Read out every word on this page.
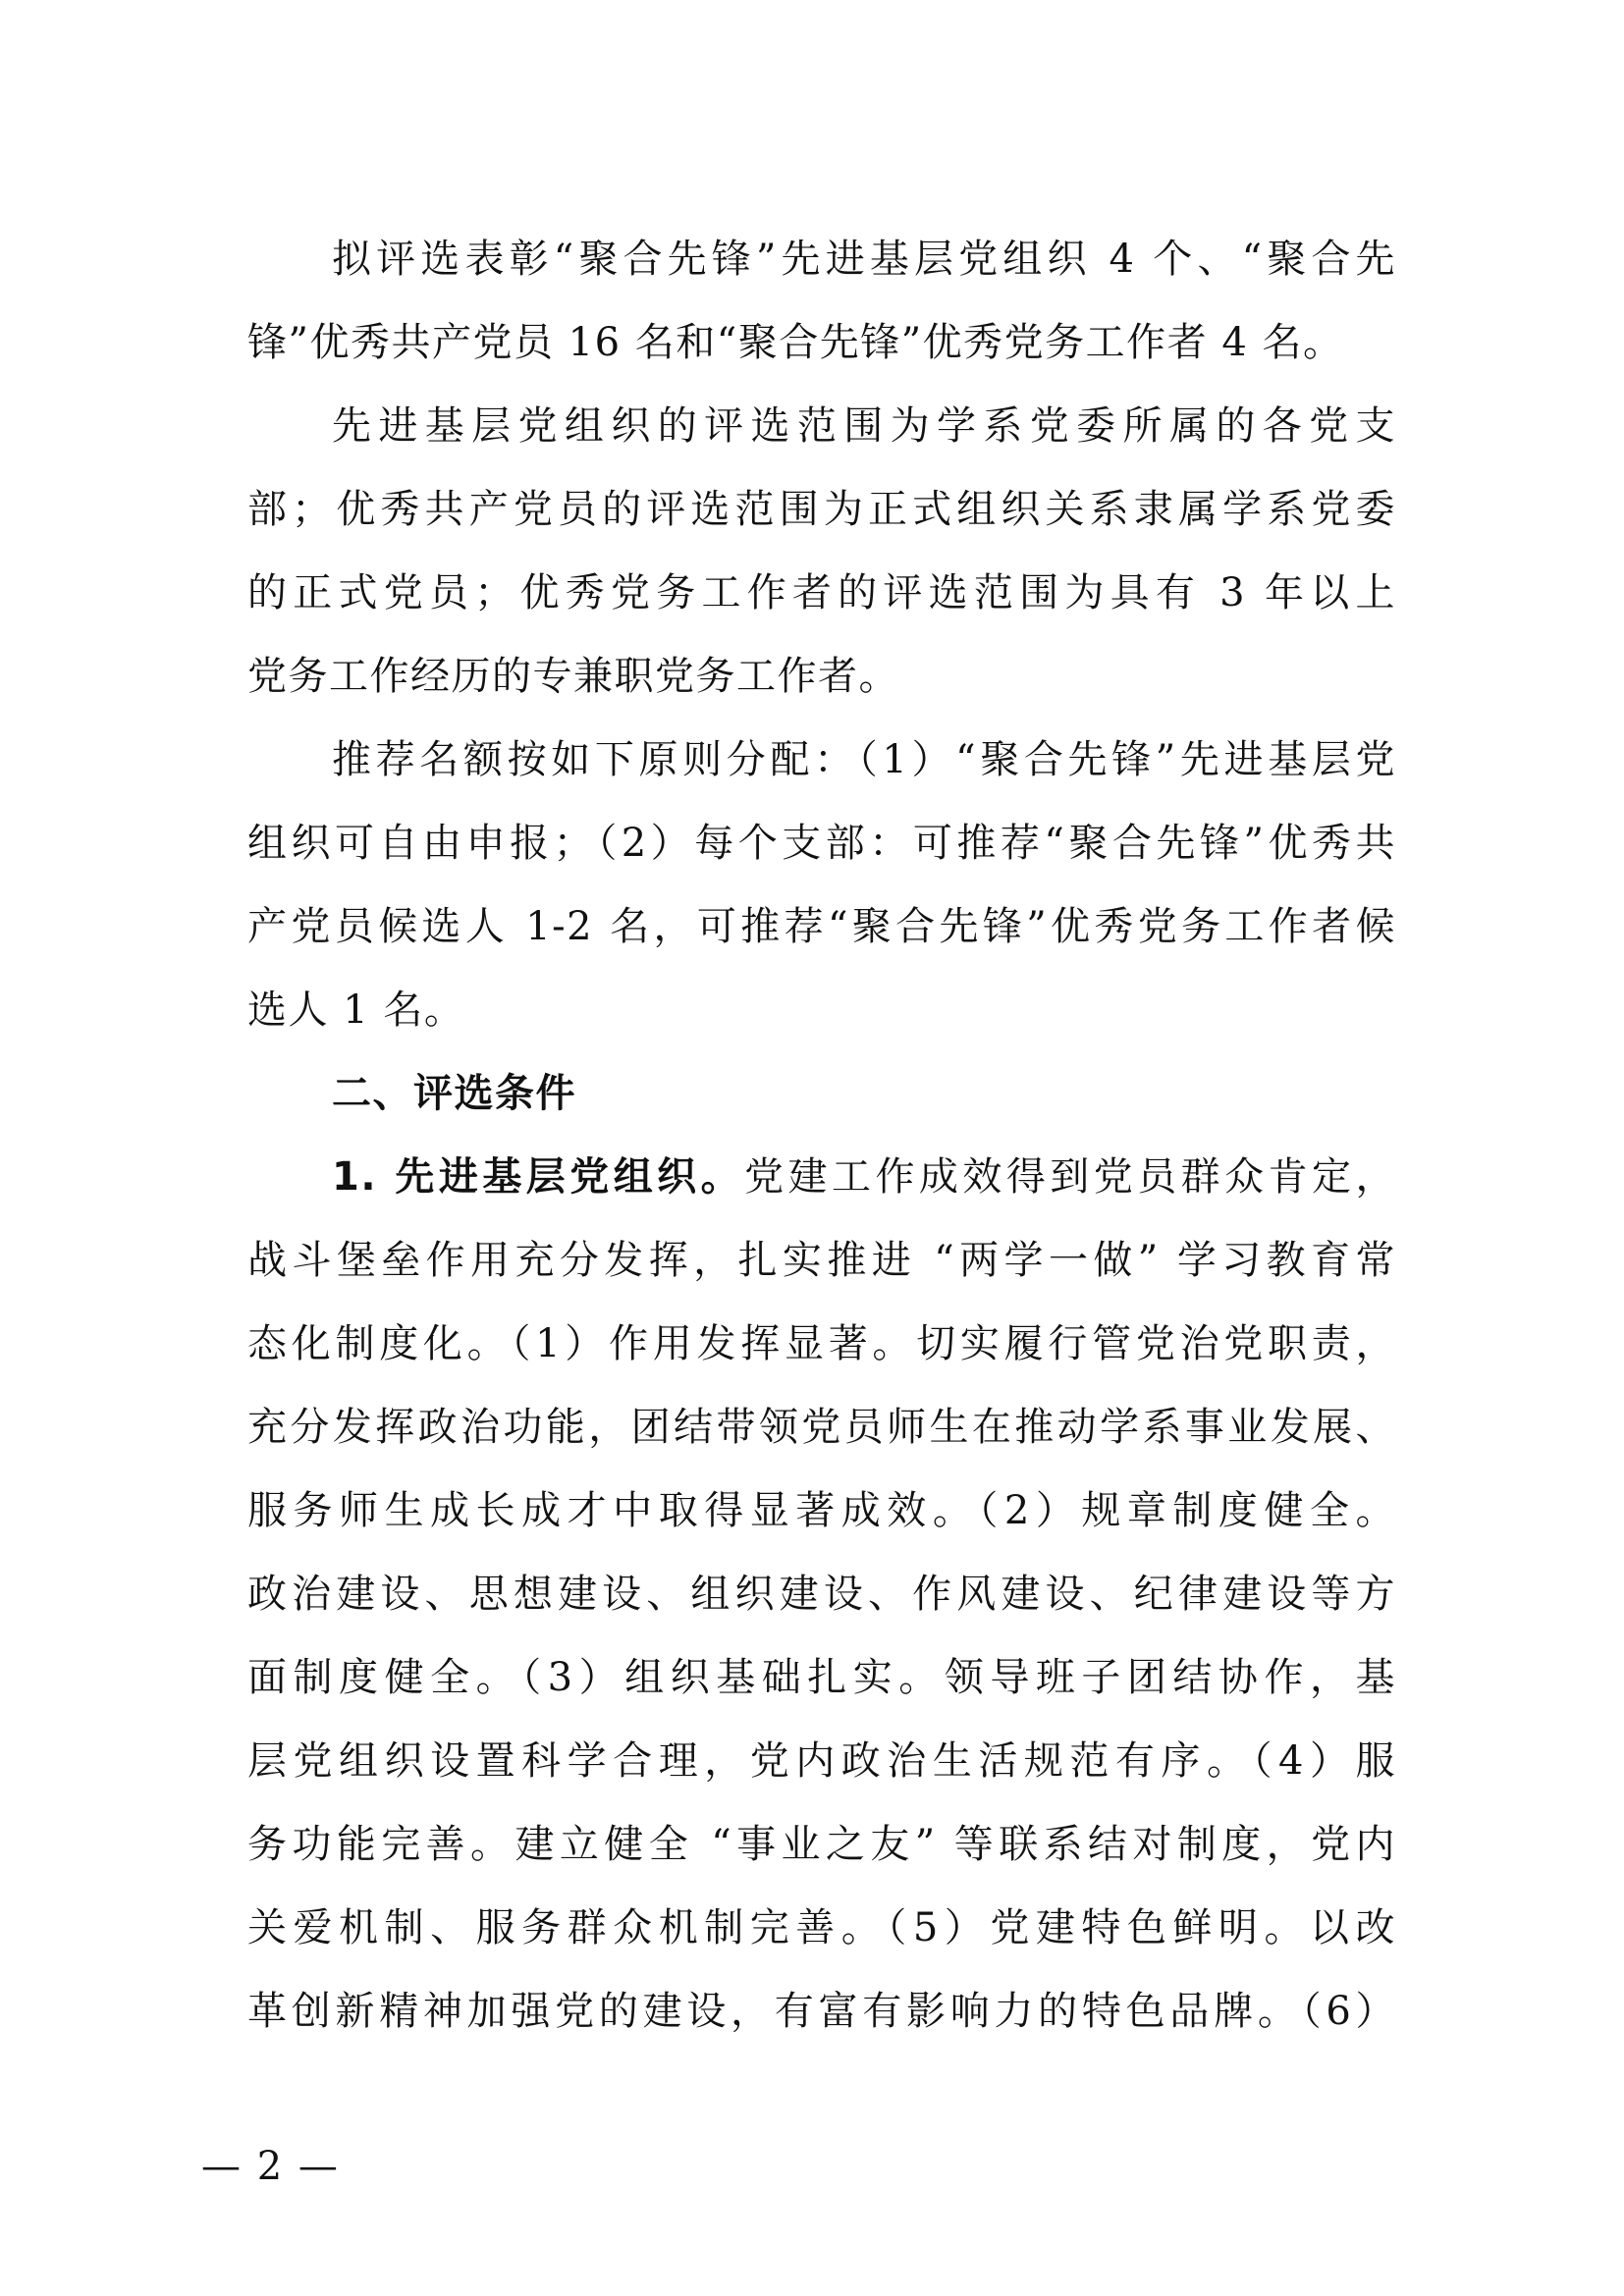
拟评选表彰“聚合先锋”先进基层党组织 4 个、“聚合先
锋”优秀共产党员 16 名和“聚合先锋”优秀党务工作者 4 名。
先进基层党组织的评选范围为学系党委所属的各党支
部；优秀共产党员的评选范围为正式组织关系隶属学系党委
的正式党员；优秀党务工作者的评选范围为具有 3 年以上
党务工作经历的专兼职党务工作者。
推荐名额按如下原则分配：（1）“聚合先锋”先进基层党
组织可自由申报；（2）每个支部：可推荐“聚合先锋”优秀共
产党员候选人 1-2 名，可推荐“聚合先锋”优秀党务工作者候
选人 1 名。
二、评选条件
1. 先进基层党组织。党建工作成效得到党员群众肯定，
战斗堡垒作用充分发挥，扎实推进 “两学一做” 学习教育常
态化制度化。（1）作用发挥显著。切实履行管党治党职责，
充分发挥政治功能，团结带领党员师生在推动学系事业发展、
服务师生成长成才中取得显著成效。（2）规章制度健全。
政治建设、思想建设、组织建设、作风建设、纪律建设等方
面制度健全。（3）组织基础扎实。领导班子团结协作，基
层党组织设置科学合理，党内政治生活规范有序。（4）服
务功能完善。建立健全 “事业之友” 等联系结对制度，党内
关爱机制、服务群众机制完善。（5）党建特色鲜明。以改
革创新精神加强党的建设，有富有影响力的特色品牌。（6）
— 2 —
